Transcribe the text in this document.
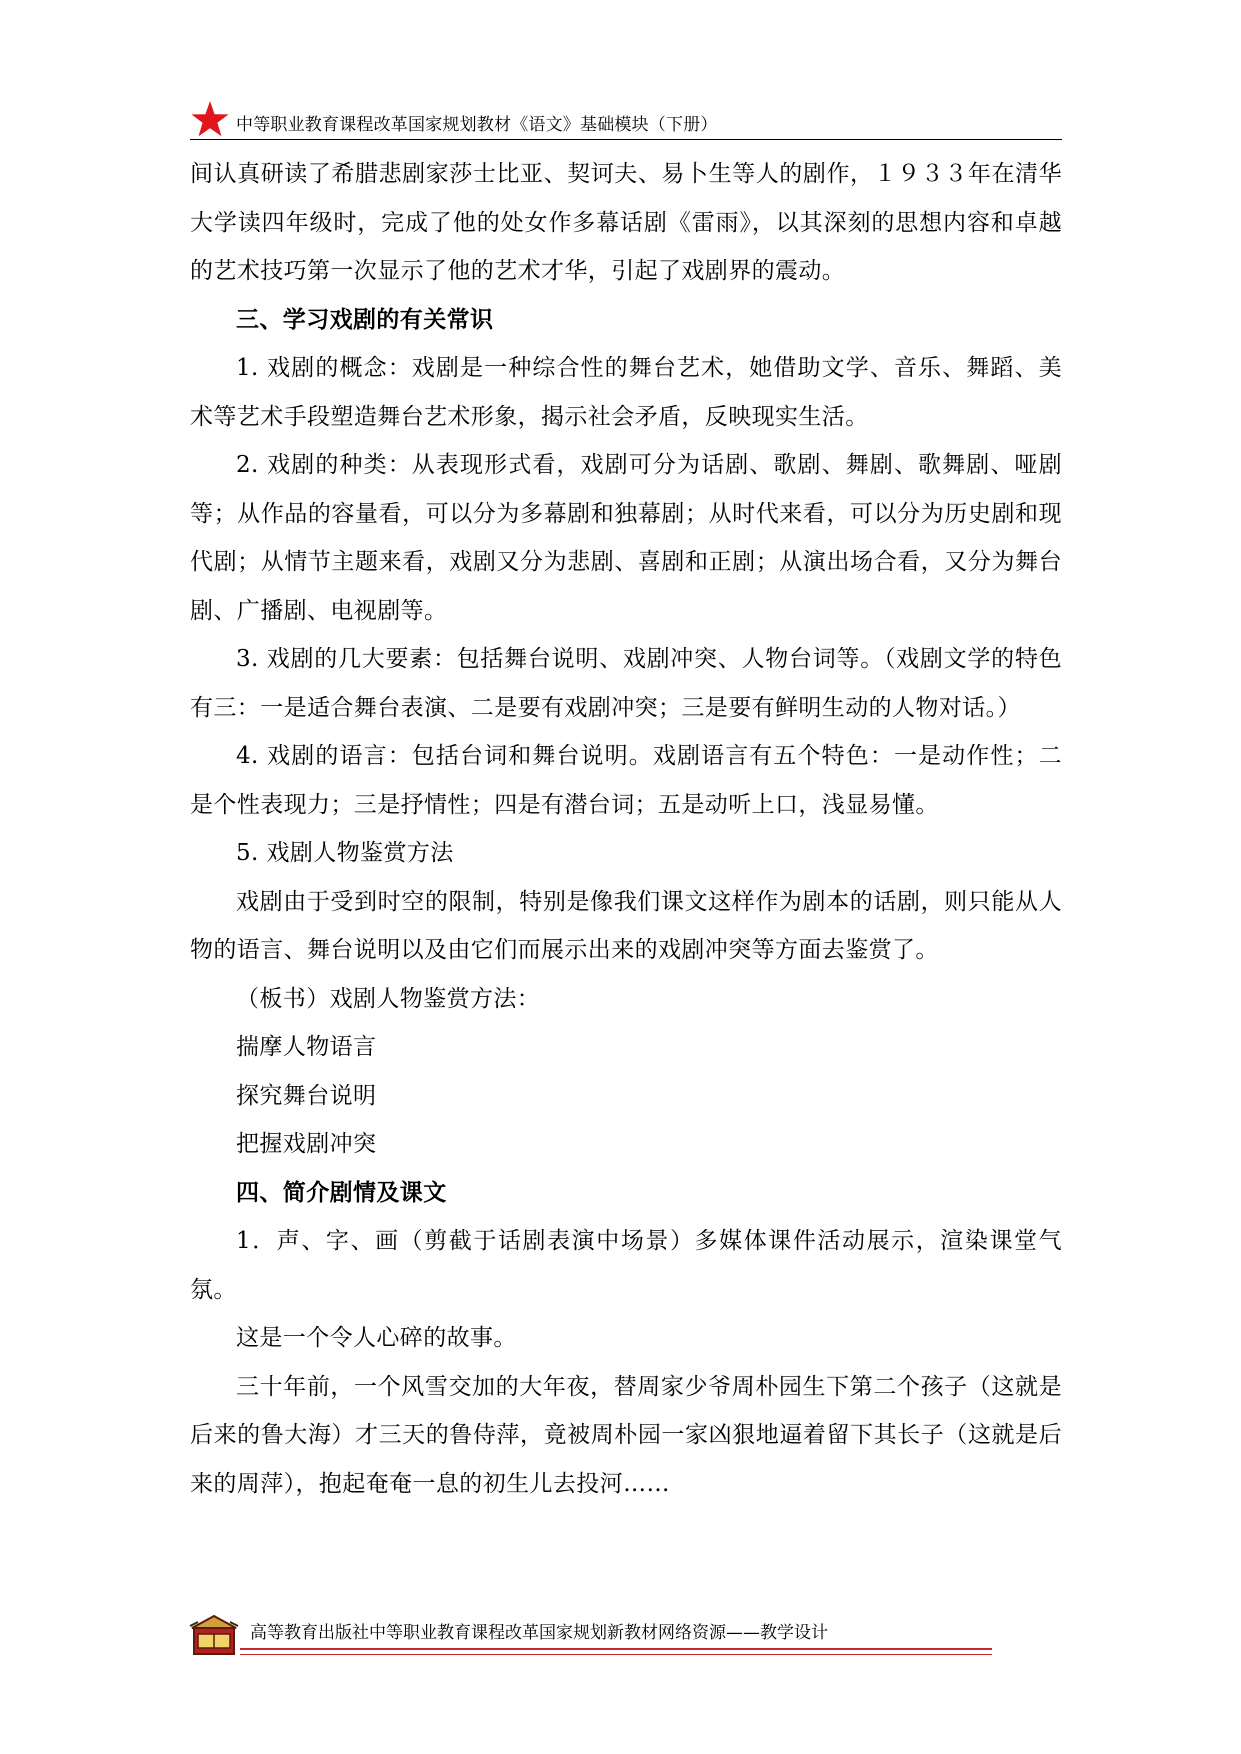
中等职业教育课程改革国家规划教材《语文》基础模块（下册）

间认真研读了希腊悲剧家莎士比亚、契诃夫、易卜生等人的剧作，１９３３年在清华大学读四年级时，完成了他的处女作多幕话剧《雷雨》，以其深刻的思想内容和卓越的艺术技巧第一次显示了他的艺术才华，引起了戏剧界的震动。

三、学习戏剧的有关常识

1. 戏剧的概念：戏剧是一种综合性的舞台艺术，她借助文学、音乐、舞蹈、美术等艺术手段塑造舞台艺术形象，揭示社会矛盾，反映现实生活。

2. 戏剧的种类：从表现形式看，戏剧可分为话剧、歌剧、舞剧、歌舞剧、哑剧等；从作品的容量看，可以分为多幕剧和独幕剧；从时代来看，可以分为历史剧和现代剧；从情节主题来看，戏剧又分为悲剧、喜剧和正剧；从演出场合看，又分为舞台剧、广播剧、电视剧等。

3. 戏剧的几大要素：包括舞台说明、戏剧冲突、人物台词等。（戏剧文学的特色有三：一是适合舞台表演、二是要有戏剧冲突；三是要有鲜明生动的人物对话。）

4. 戏剧的语言：包括台词和舞台说明。戏剧语言有五个特色：一是动作性；二是个性表现力；三是抒情性；四是有潜台词；五是动听上口，浅显易懂。

5. 戏剧人物鉴赏方法

戏剧由于受到时空的限制，特别是像我们课文这样作为剧本的话剧，则只能从人物的语言、舞台说明以及由它们而展示出来的戏剧冲突等方面去鉴赏了。

（板书）戏剧人物鉴赏方法：

揣摩人物语言

探究舞台说明

把握戏剧冲突

四、简介剧情及课文

1．声、字、画（剪截于话剧表演中场景）多媒体课件活动展示，渲染课堂气氛。

这是一个令人心碎的故事。

三十年前，一个风雪交加的大年夜，替周家少爷周朴园生下第二个孩子（这就是后来的鲁大海）才三天的鲁侍萍，竟被周朴园一家凶狠地逼着留下其长子（这就是后来的周萍），抱起奄奄一息的初生儿去投河……

高等教育出版社中等职业教育课程改革国家规划新教材网络资源——教学设计
